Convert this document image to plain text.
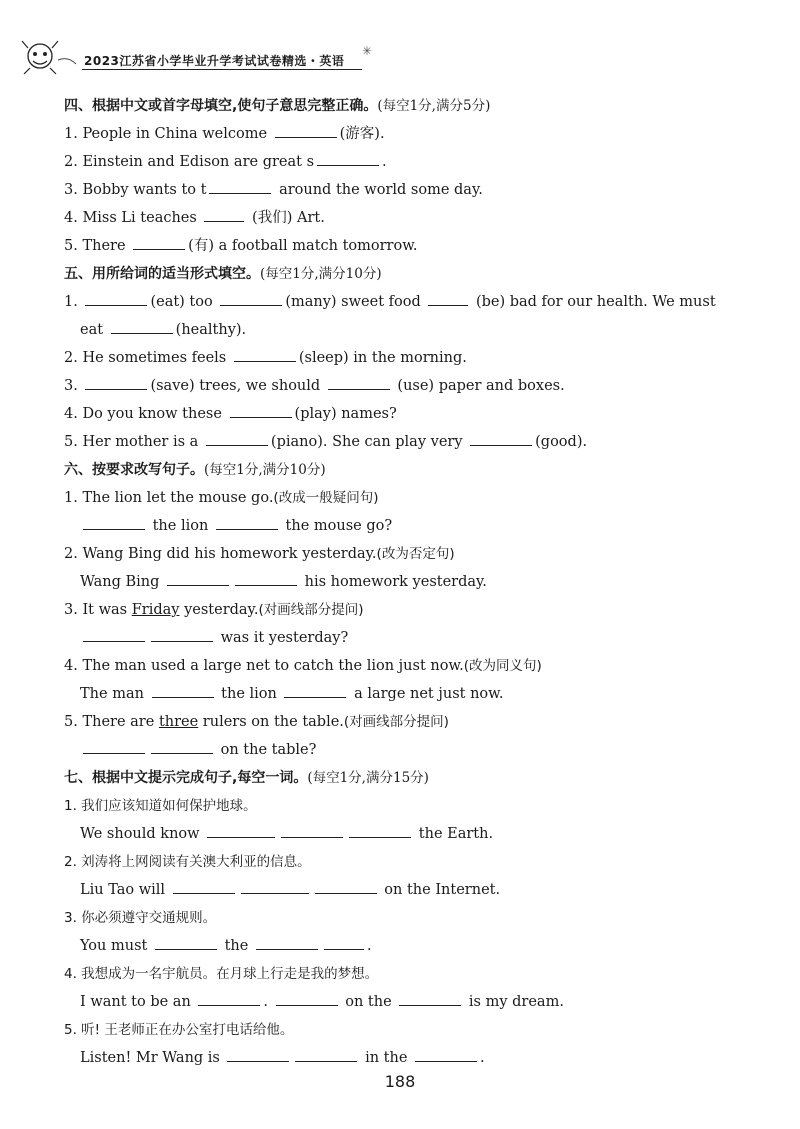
2023江苏省小学毕业升学考试试卷精选・英语
✳
四、根据中文或首字母填空,使句子意思完整正确。(每空1分,满分5分)
1. People in China welcome	(游客).
2. Einstein and Edison are great s	.
3. Bobby wants to t	around the world some day.
4. Miss Li teaches	(我们) Art.
5. There	(有) a football match tomorrow.
五、用所给词的适当形式填空。(每空1分,满分10分)
1.	(eat) too	(many) sweet food	(be) bad for our health. We must
eat	(healthy).
2. He sometimes feels	(sleep) in the morning.
3.	(save) trees, we should	(use) paper and boxes.
4. Do you know these	(play) names?
5. Her mother is a	(piano). She can play very	(good).
六、按要求改写句子。(每空1分,满分10分)
1. The lion let the mouse go.(改成一般疑问句)
the lion	the mouse go?
2. Wang Bing did his homework yesterday.(改为否定句)
Wang Bing	his homework yesterday.
3. It was Friday yesterday.(对画线部分提问)
was it yesterday?
4. The man used a large net to catch the lion just now.(改为同义句)
The man	the lion	a large net just now.
5. There are three rulers on the table.(对画线部分提问)
on the table?
七、根据中文提示完成句子,每空一词。(每空1分,满分15分)
1. 我们应该知道如何保护地球。
We should know	the Earth.
2. 刘涛将上网阅读有关澳大利亚的信息。
Liu Tao will	on the Internet.
3. 你必须遵守交通规则。
You must	the	.
4. 我想成为一名宇航员。在月球上行走是我的梦想。
I want to be an	.	on the	is my dream.
5. 听! 王老师正在办公室打电话给他。
Listen! Mr Wang is	in the	.
188
